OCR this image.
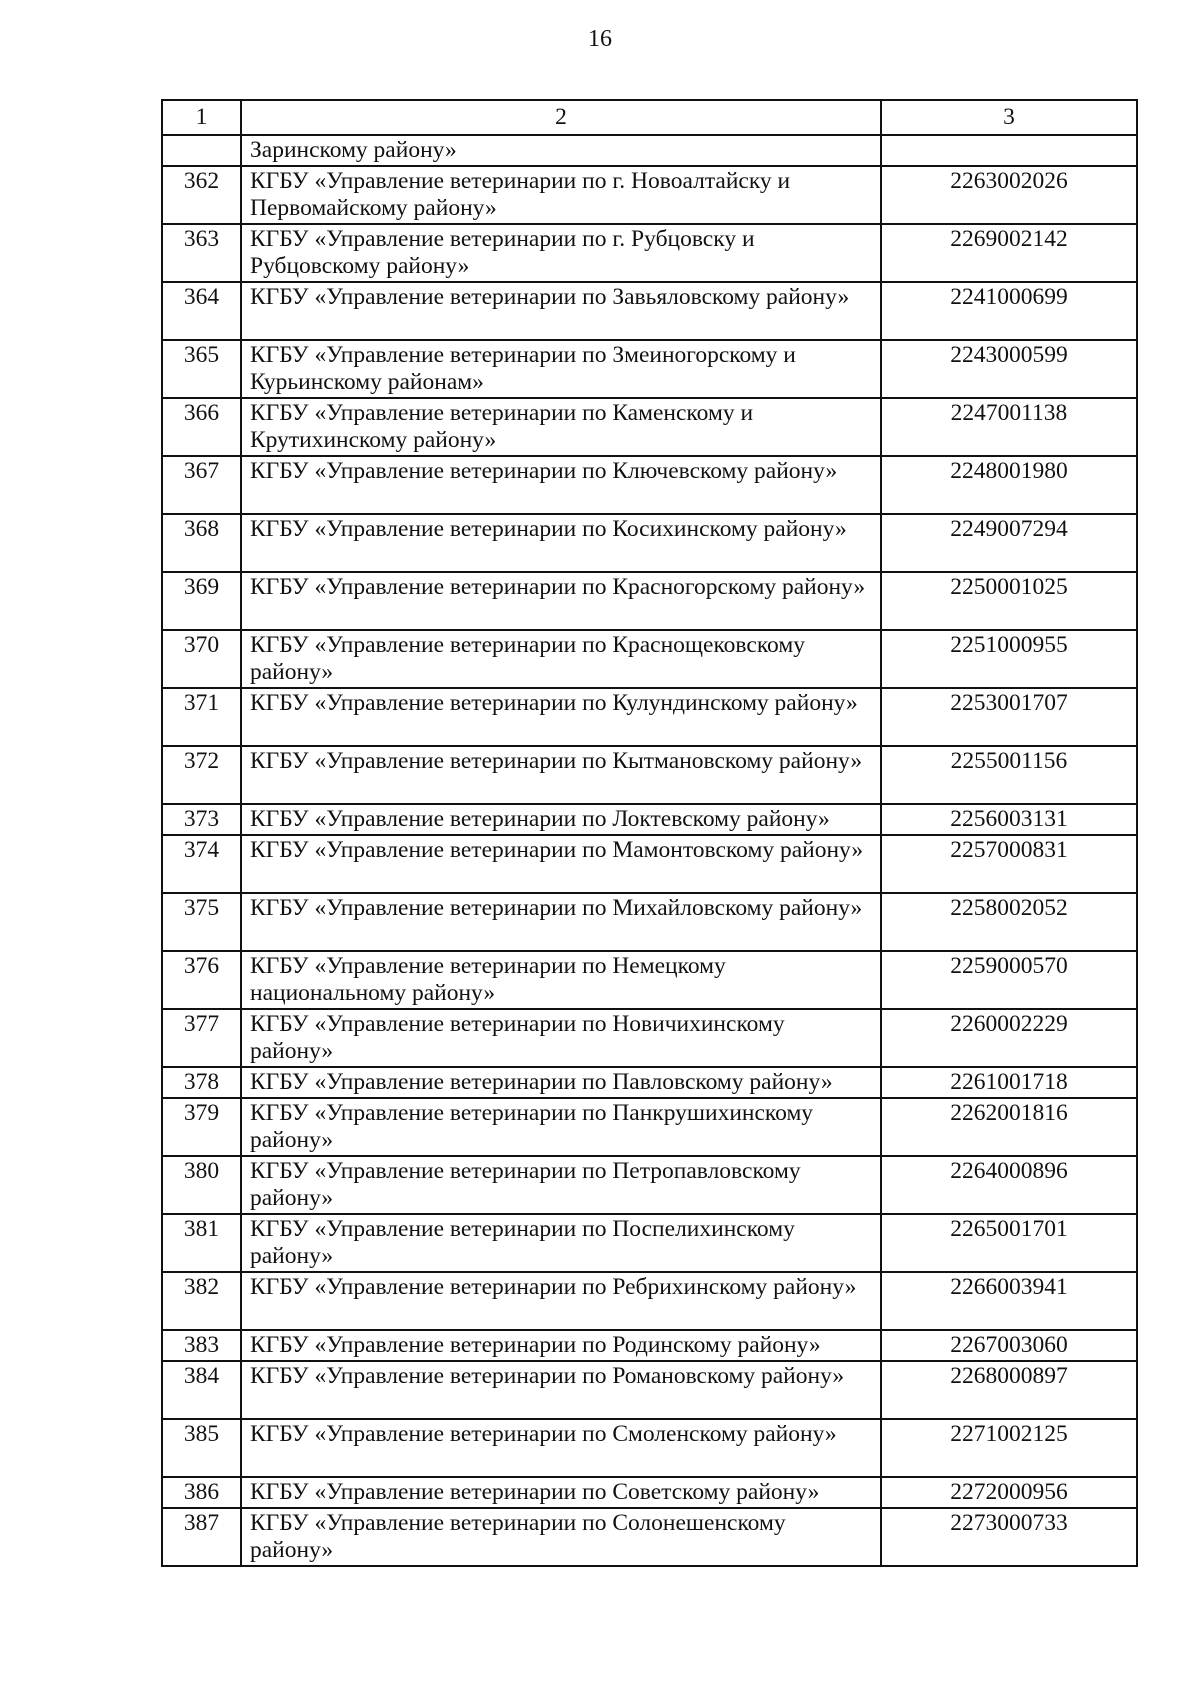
16
1	2	3
	Заринскому району»	
362	КГБУ «Управление ветеринарии по г. Новоалтайску и Первомайскому району»	2263002026
363	КГБУ «Управление ветеринарии по г. Рубцовску и Рубцовскому району»	2269002142
364	КГБУ «Управление ветеринарии по Завьяловскому району»	2241000699
365	КГБУ «Управление ветеринарии по Змеиногорскому и Курьинскому районам»	2243000599
366	КГБУ «Управление ветеринарии по Каменскому и Крутихинскому району»	2247001138
367	КГБУ «Управление ветеринарии по Ключевскому району»	2248001980
368	КГБУ «Управление ветеринарии по Косихинскому району»	2249007294
369	КГБУ «Управление ветеринарии по Красногорскому району»	2250001025
370	КГБУ «Управление ветеринарии по Краснощековскому району»	2251000955
371	КГБУ «Управление ветеринарии по Кулундинскому району»	2253001707
372	КГБУ «Управление ветеринарии по Кытмановскому району»	2255001156
373	КГБУ «Управление ветеринарии по Локтевскому району»	2256003131
374	КГБУ «Управление ветеринарии по Мамонтовскому району»	2257000831
375	КГБУ «Управление ветеринарии по Михайловскому району»	2258002052
376	КГБУ «Управление ветеринарии по Немецкому национальному району»	2259000570
377	КГБУ «Управление ветеринарии по Новичихинскому району»	2260002229
378	КГБУ «Управление ветеринарии по Павловскому району»	2261001718
379	КГБУ «Управление ветеринарии по Панкрушихинскому району»	2262001816
380	КГБУ «Управление ветеринарии по Петропавловскому району»	2264000896
381	КГБУ «Управление ветеринарии по Поспелихинскому району»	2265001701
382	КГБУ «Управление ветеринарии по Ребрихинскому району»	2266003941
383	КГБУ «Управление ветеринарии по Родинскому району»	2267003060
384	КГБУ «Управление ветеринарии по Романовскому району»	2268000897
385	КГБУ «Управление ветеринарии по Смоленскому району»	2271002125
386	КГБУ «Управление ветеринарии по Советскому району»	2272000956
387	КГБУ «Управление ветеринарии по Солонешенскому району»	2273000733
